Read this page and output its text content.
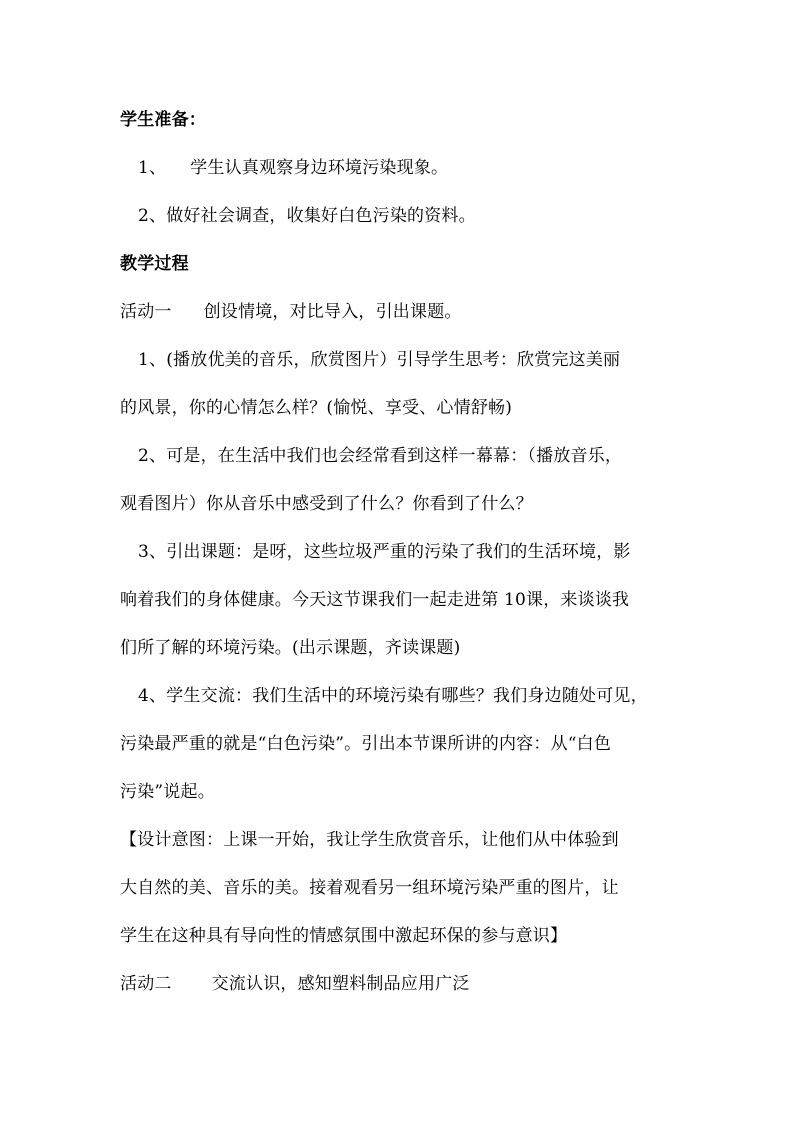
学生准备：
1、 学生认真观察身边环境污染现象。
2、做好社会调查，收集好白色污染的资料。
教学过程
活动一 创设情境，对比导入，引出课题。
1、(播放优美的音乐，欣赏图片）引导学生思考：欣赏完这美丽
的风景，你的心情怎么样？(愉悦、享受、心情舒畅)
2、可是，在生活中我们也会经常看到这样一幕幕：（播放音乐，
观看图片）你从音乐中感受到了什么？你看到了什么？
3、引出课题：是呀，这些垃圾严重的污染了我们的生活环境，影
响着我们的身体健康。今天这节课我们一起走进第 10课，来谈谈我
们所了解的环境污染。(出示课题，齐读课题)
4、学生交流：我们生活中的环境污染有哪些？我们身边随处可见，
污染最严重的就是“白色污染”。引出本节课所讲的内容：从“白色
污染”说起。
【设计意图：上课一开始，我让学生欣赏音乐，让他们从中体验到
大自然的美、音乐的美。接着观看另一组环境污染严重的图片，让
学生在这种具有导向性的情感氛围中激起环保的参与意识】
活动二 交流认识，感知塑料制品应用广泛
